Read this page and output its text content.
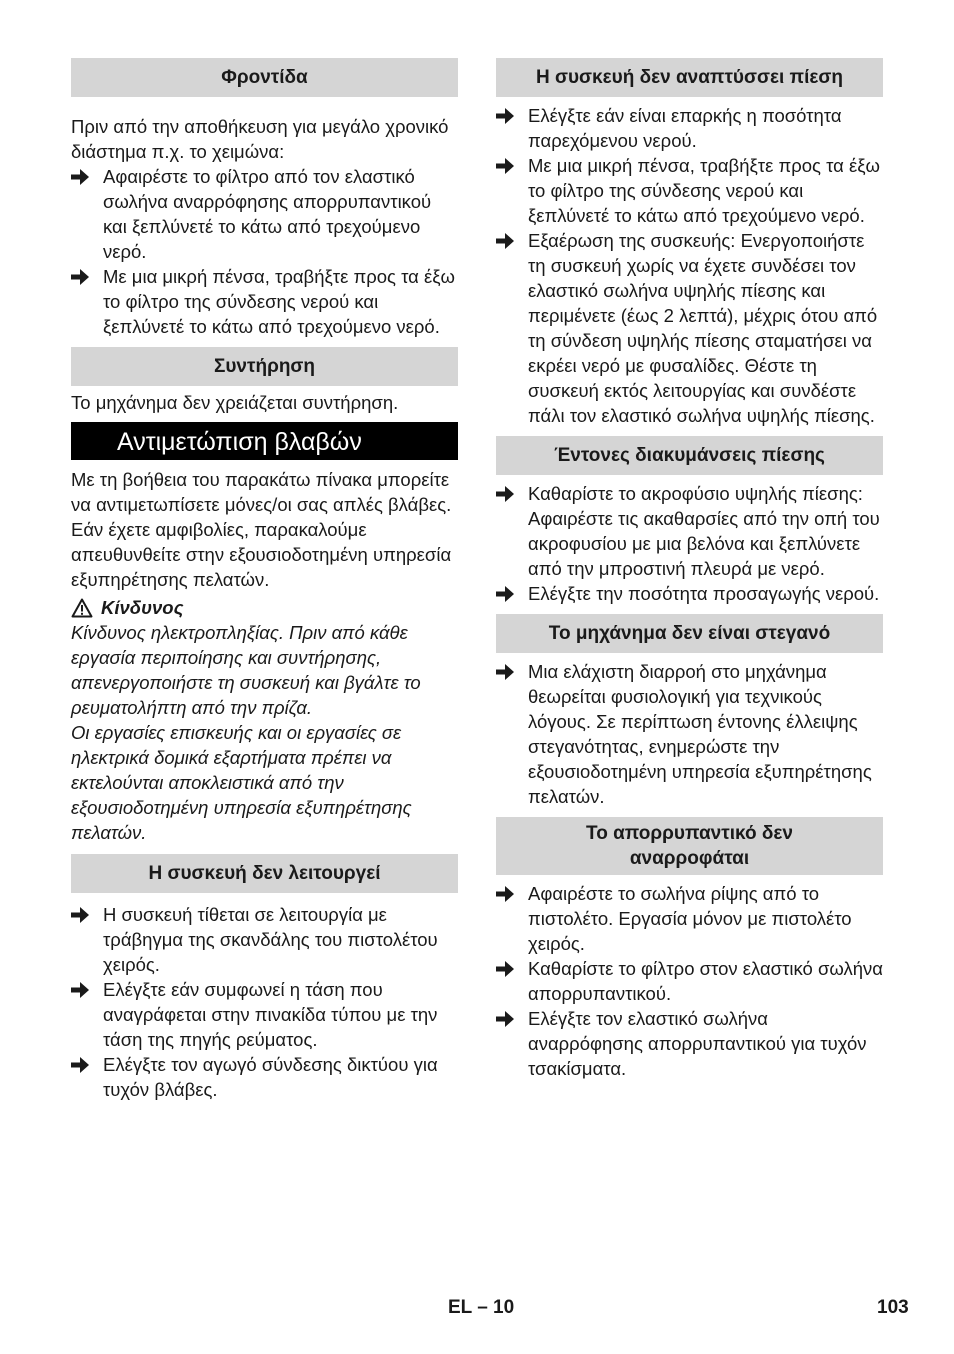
Φροντίδα

Πριν από την αποθήκευση για μεγάλο χρονικό διάστημα π.χ. το χειμώνα:

Αφαιρέστε το φίλτρο από τον ελαστικό σωλήνα αναρρόφησης απορρυπαντικού και ξεπλύνετέ το κάτω από τρεχούμενο νερό.
Με μια μικρή πένσα, τραβήξτε προς τα έξω το φίλτρο της σύνδεσης νερού και ξεπλύνετέ το κάτω από τρεχούμενο νερό.
Συντήρηση

Το μηχάνημα δεν χρειάζεται συντήρηση.

Αντιμετώπιση βλαβών

Με τη βοήθεια του παρακάτω πίνακα μπορείτε να αντιμετωπίσετε μόνες/οι σας απλές βλάβες.

Εάν έχετε αμφιβολίες, παρακαλούμε απευθυνθείτε στην εξουσιοδοτημένη υπηρεσία εξυπηρέτησης πελατών.

Κίνδυνος

Κίνδυνος ηλεκτροπληξίας. Πριν από κάθε εργασία περιποίησης και συντήρησης, απενεργοποιήστε τη συσκευή και βγάλτε το ρευματολήπτη από την πρίζα.

Οι εργασίες επισκευής και οι εργασίες σε ηλεκτρικά δομικά εξαρτήματα πρέπει να εκτελούνται αποκλειστικά από την εξουσιοδοτημένη υπηρεσία εξυπηρέτησης πελατών.

Η συσκευή δεν λειτουργεί
Η συσκευή τίθεται σε λειτουργία με τράβηγμα της σκανδάλης του πιστολέτου χειρός.
Ελέγξτε εάν συμφωνεί η τάση που αναγράφεται στην πινακίδα τύπου με την τάση της πηγής ρεύματος.
Ελέγξτε τον αγωγό σύνδεσης δικτύου για τυχόν βλάβες.
Η συσκευή δεν αναπτύσσει πίεση
Ελέγξτε εάν είναι επαρκής η ποσότητα παρεχόμενου νερού.
Με μια μικρή πένσα, τραβήξτε προς τα έξω το φίλτρο της σύνδεσης νερού και ξεπλύνετέ το κάτω από τρεχούμενο νερό.
Εξαέρωση της συσκευής: Ενεργοποιήστε τη συσκευή χωρίς να έχετε συνδέσει τον ελαστικό σωλήνα υψηλής πίεσης και περιμένετε (έως 2 λεπτά), μέχρις ότου από τη σύνδεση υψηλής πίεσης σταματήσει να εκρέει νερό με φυσαλίδες. Θέστε τη συσκευή εκτός λειτουργίας και συνδέστε πάλι τον ελαστικό σωλήνα υψηλής πίεσης.
Έντονες διακυμάνσεις πίεσης
Καθαρίστε το ακροφύσιο υψηλής πίεσης: Αφαιρέστε τις ακαθαρσίες από την οπή του ακροφυσίου με μια βελόνα και ξεπλύνετε από την μπροστινή πλευρά με νερό.
Ελέγξτε την ποσότητα προσαγωγής νερού.
Το μηχάνημα δεν είναι στεγανό
Μια ελάχιστη διαρροή στο μηχάνημα θεωρείται φυσιολογική για τεχνικούς λόγους. Σε περίπτωση έντονης έλλειψης στεγανότητας, ενημερώστε την εξουσιοδοτημένη υπηρεσία εξυπηρέτησης πελατών.
Το απορρυπαντικό δεν αναρροφάται
Αφαιρέστε το σωλήνα ρίψης από το πιστολέτο. Εργασία μόνον με πιστολέτο χειρός.
Καθαρίστε το φίλτρο στον ελαστικό σωλήνα απορρυπαντικού.
Ελέγξτε τον ελαστικό σωλήνα αναρρόφησης απορρυπαντικού για τυχόν τσακίσματα.
EL – 10	103
